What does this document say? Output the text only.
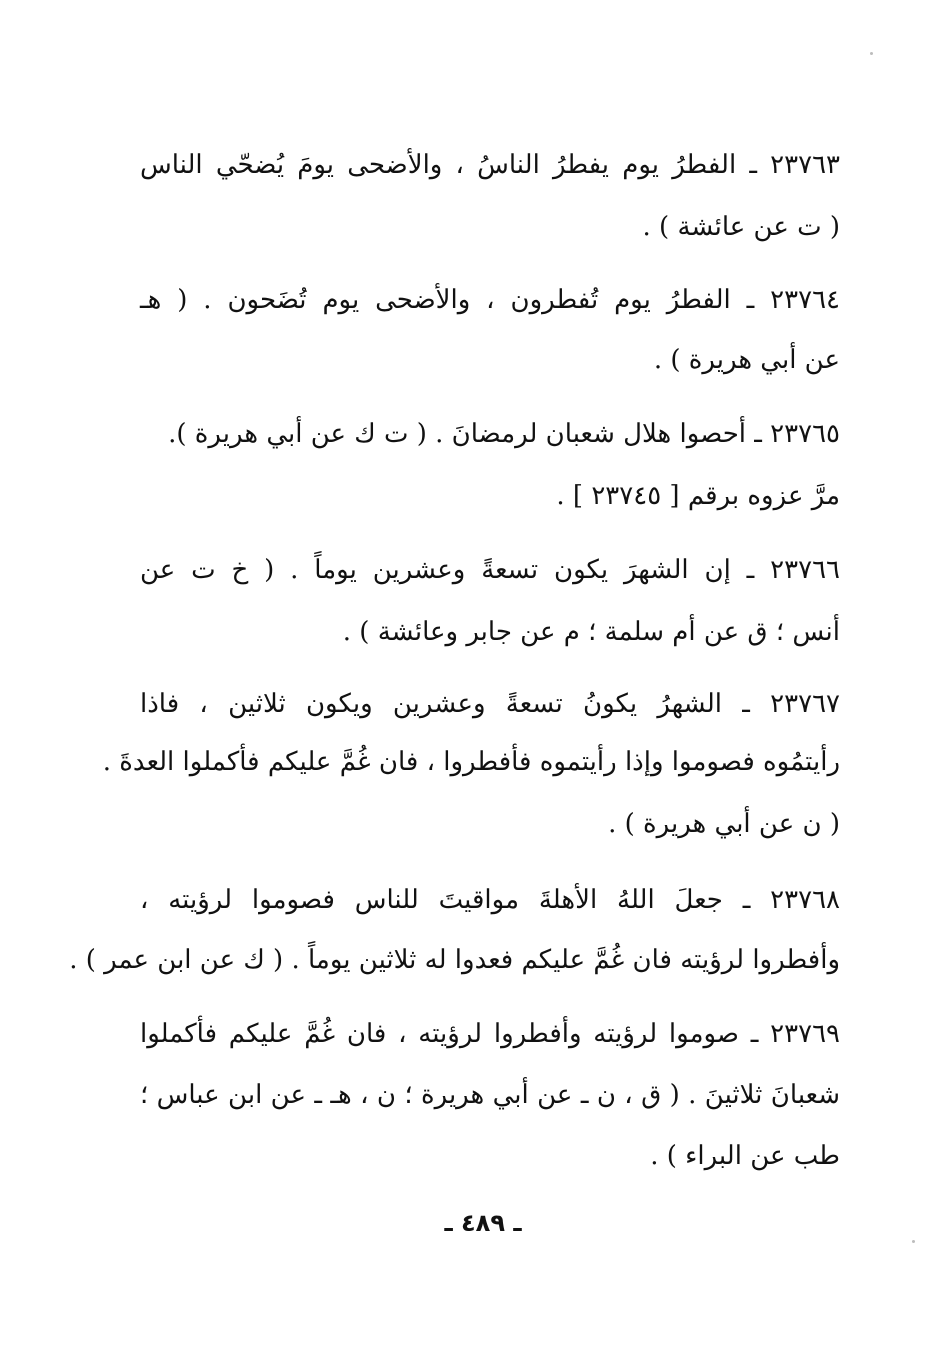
٢٣٧٦٣ ـ الفطرُ يوم يفطرُ الناسُ ، والأضحى يومَ يُضحّي الناس
( ت عن عائشة ) .
٢٣٧٦٤ ـ الفطرُ يوم تُفطرون ، والأضحى يوم تُضَحون . ( هـ
عن أبي هريرة ) .
٢٣٧٦٥ ـ أحصوا هلال شعبان لرمضانَ . ( ت ك عن أبي هريرة ).
مرَّ عزوه برقم [ ٢٣٧٤٥ ] .
٢٣٧٦٦ ـ إن الشهرَ يكون تسعةً وعشرين يوماً . ( خ ت عن
أنس ؛ ق عن أم سلمة ؛ م عن جابر وعائشة ) .
٢٣٧٦٧ ـ الشهرُ يكونُ تسعةً وعشرين ويكون ثلاثين ، فاذا
رأيتمُوه فصوموا وإذا رأيتموه فأفطروا ، فان غُمَّ عليكم فأكملوا العدةَ .
( ن عن أبي هريرة ) .
٢٣٧٦٨ ـ جعلَ اللهُ الأهلةَ مواقيتَ للناس فصوموا لرؤيته ،
وأفطروا لرؤيته فان غُمَّ عليكم فعدوا له ثلاثين يوماً . ( ك عن ابن عمر ) .
٢٣٧٦٩ ـ صوموا لرؤيته وأفطروا لرؤيته ، فان غُمَّ عليكم فأكملوا
شعبانَ ثلاثينَ . ( ق ، ن ـ عن أبي هريرة ؛ ن ، هـ ـ عن ابن عباس ؛
طب عن البراء ) .
ـ ٤٨٩ ـ
